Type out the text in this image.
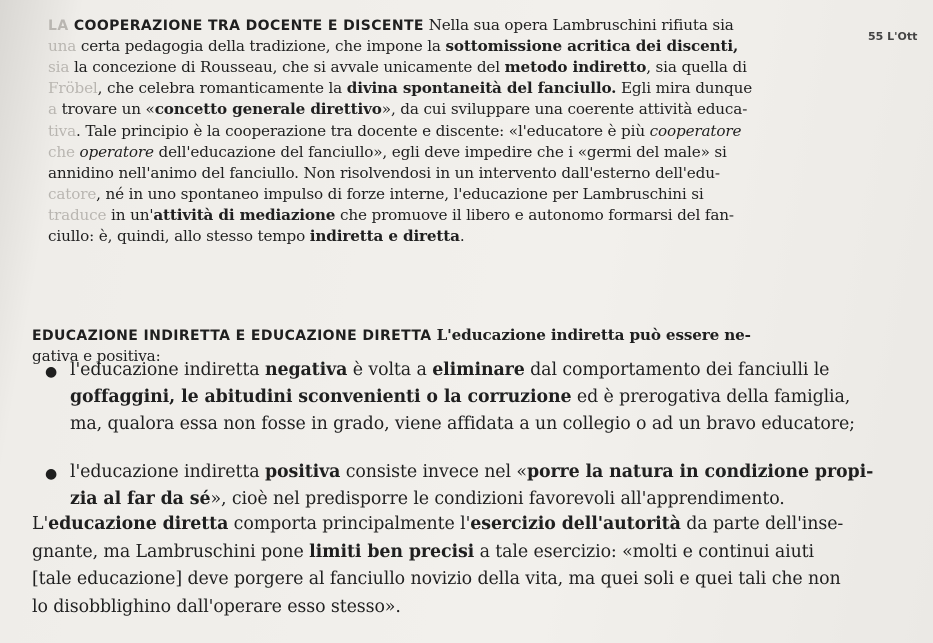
55 L'Ott
LA COOPERAZIONE TRA DOCENTE E DISCENTE Nella sua opera Lambruschini rifiuta sia
una certa pedagogia della tradizione, che impone la sottomissione acritica dei discenti,
sia la concezione di Rousseau, che si avvale unicamente del metodo indiretto, sia quella di
Fröbel, che celebra romanticamente la divina spontaneità del fanciullo. Egli mira dunque
a trovare un «concetto generale direttivo», da cui sviluppare una coerente attività educa-
tiva. Tale principio è la cooperazione tra docente e discente: «l'educatore è più cooperatore
che operatore dell'educazione del fanciullo», egli deve impedire che i «germi del male» si
annidino nell'animo del fanciullo. Non risolvendosi in un intervento dall'esterno dell'edu-
catore, né in uno spontaneo impulso di forze interne, l'educazione per Lambruschini si
traduce in un'attività di mediazione che promuove il libero e autonomo formarsi del fan-
ciullo: è, quindi, allo stesso tempo indiretta e diretta.
EDUCAZIONE INDIRETTA E EDUCAZIONE DIRETTA L'educazione indiretta può essere ne-
gativa e positiva:
● l'educazione indiretta negativa è volta a eliminare dal comportamento dei fanciulli le
goffaggini, le abitudini sconvenienti o la corruzione ed è prerogativa della famiglia,
ma, qualora essa non fosse in grado, viene affidata a un collegio o ad un bravo educatore;
● l'educazione indiretta positiva consiste invece nel «porre la natura in condizione propi-
zia al far da sé», cioè nel predisporre le condizioni favorevoli all'apprendimento.
L'educazione diretta comporta principalmente l'esercizio dell'autorità da parte dell'inse-
gnante, ma Lambruschini pone limiti ben precisi a tale esercizio: «molti e continui aiuti
[tale educazione] deve porgere al fanciullo novizio della vita, ma quei soli e quei tali che non
lo disobblighino dall'operare esso stesso».
